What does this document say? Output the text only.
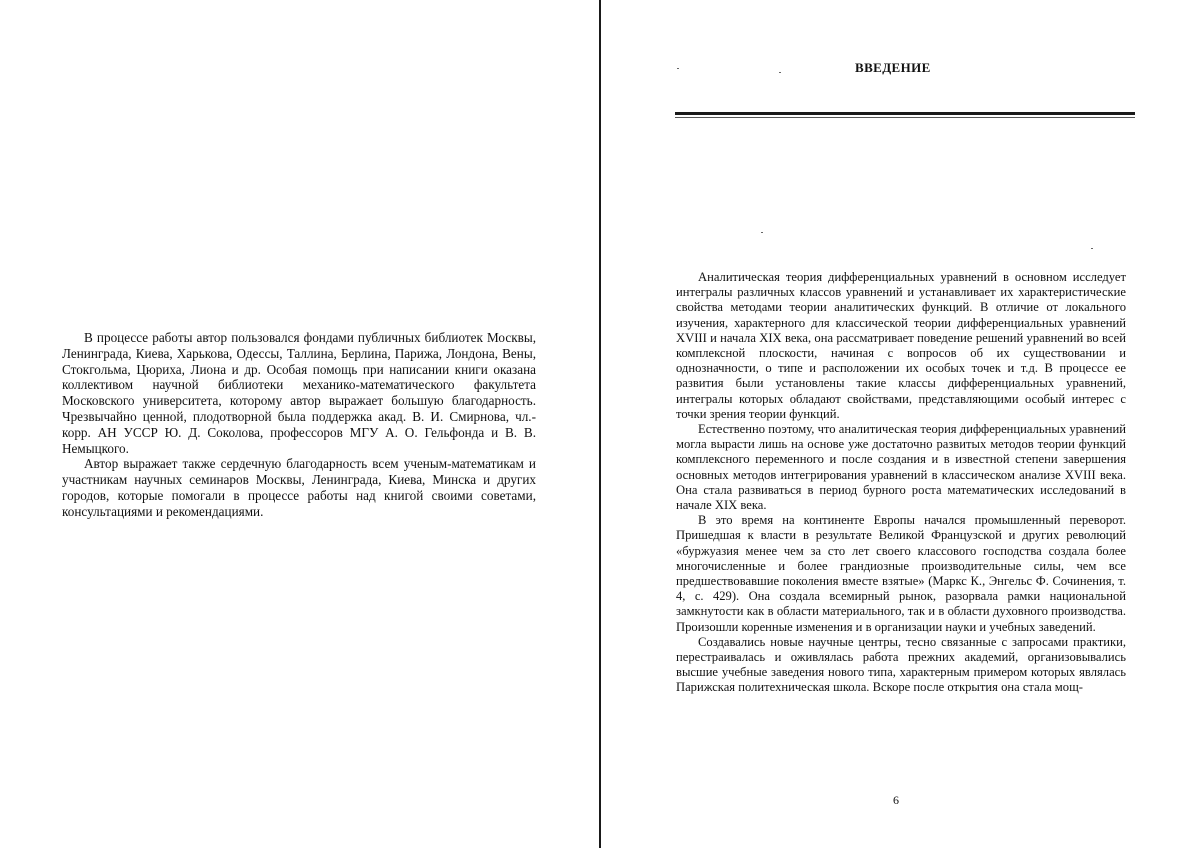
В процессе работы автор пользовался фондами публичных библиотек Москвы, Ленинграда, Киева, Харькова, Одессы, Таллина, Берлина, Парижа, Лондона, Вены, Стокгольма, Цюриха, Лиона и др. Особая помощь при написании книги оказана коллективом научной библиотеки механико-математического факультета Московского университета, которому автор выражает большую благодарность. Чрезвычайно ценной, плодотворной была поддержка акад. В. И. Смирнова, чл.-корр. АН УССР Ю. Д. Соколова, профессоров МГУ А. О. Гельфонда и В. В. Немыцкого.

Автор выражает также сердечную благодарность всем ученым-математикам и участникам научных семинаров Москвы, Ленинграда, Киева, Минска и других городов, которые помогали в процессе работы над книгой своими советами, консультациями и рекомендациями.

ВВЕДЕНИЕ

Аналитическая теория дифференциальных уравнений в основном исследует интегралы различных классов уравнений и устанавливает их характеристические свойства методами теории аналитических функций. В отличие от локального изучения, характерного для классической теории дифференциальных уравнений XVIII и начала XIX века, она рассматривает поведение решений уравнений во всей комплексной плоскости, начиная с вопросов об их существовании и однозначности, о типе и расположении их особых точек и т.д. В процессе ее развития были установлены такие классы дифференциальных уравнений, интегралы которых обладают свойствами, представляющими особый интерес с точки зрения теории функций.

Естественно поэтому, что аналитическая теория дифференциальных уравнений могла вырасти лишь на основе уже достаточно развитых методов теории функций комплексного переменного и после создания и в известной степени завершения основных методов интегрирования уравнений в классическом анализе XVIII века. Она стала развиваться в период бурного роста математических исследований в начале XIX века.

В это время на континенте Европы начался промышленный переворот. Пришедшая к власти в результате Великой Французской и других революций «буржуазия менее чем за сто лет своего классового господства создала более многочисленные и более грандиозные производительные силы, чем все предшествовавшие поколения вместе взятые» (Маркс К., Энгельс Ф. Сочинения, т. 4, с. 429). Она создала всемирный рынок, разорвала рамки национальной замкнутости как в области материального, так и в области духовного производства. Произошли коренные изменения и в организации науки и учебных заведений.

Создавались новые научные центры, тесно связанные с запросами практики, перестраивалась и оживлялась работа прежних академий, организовывались высшие учебные заведения нового типа, характерным примером которых являлась Парижская политехническая школа. Вскоре после открытия она стала мощ-

6
